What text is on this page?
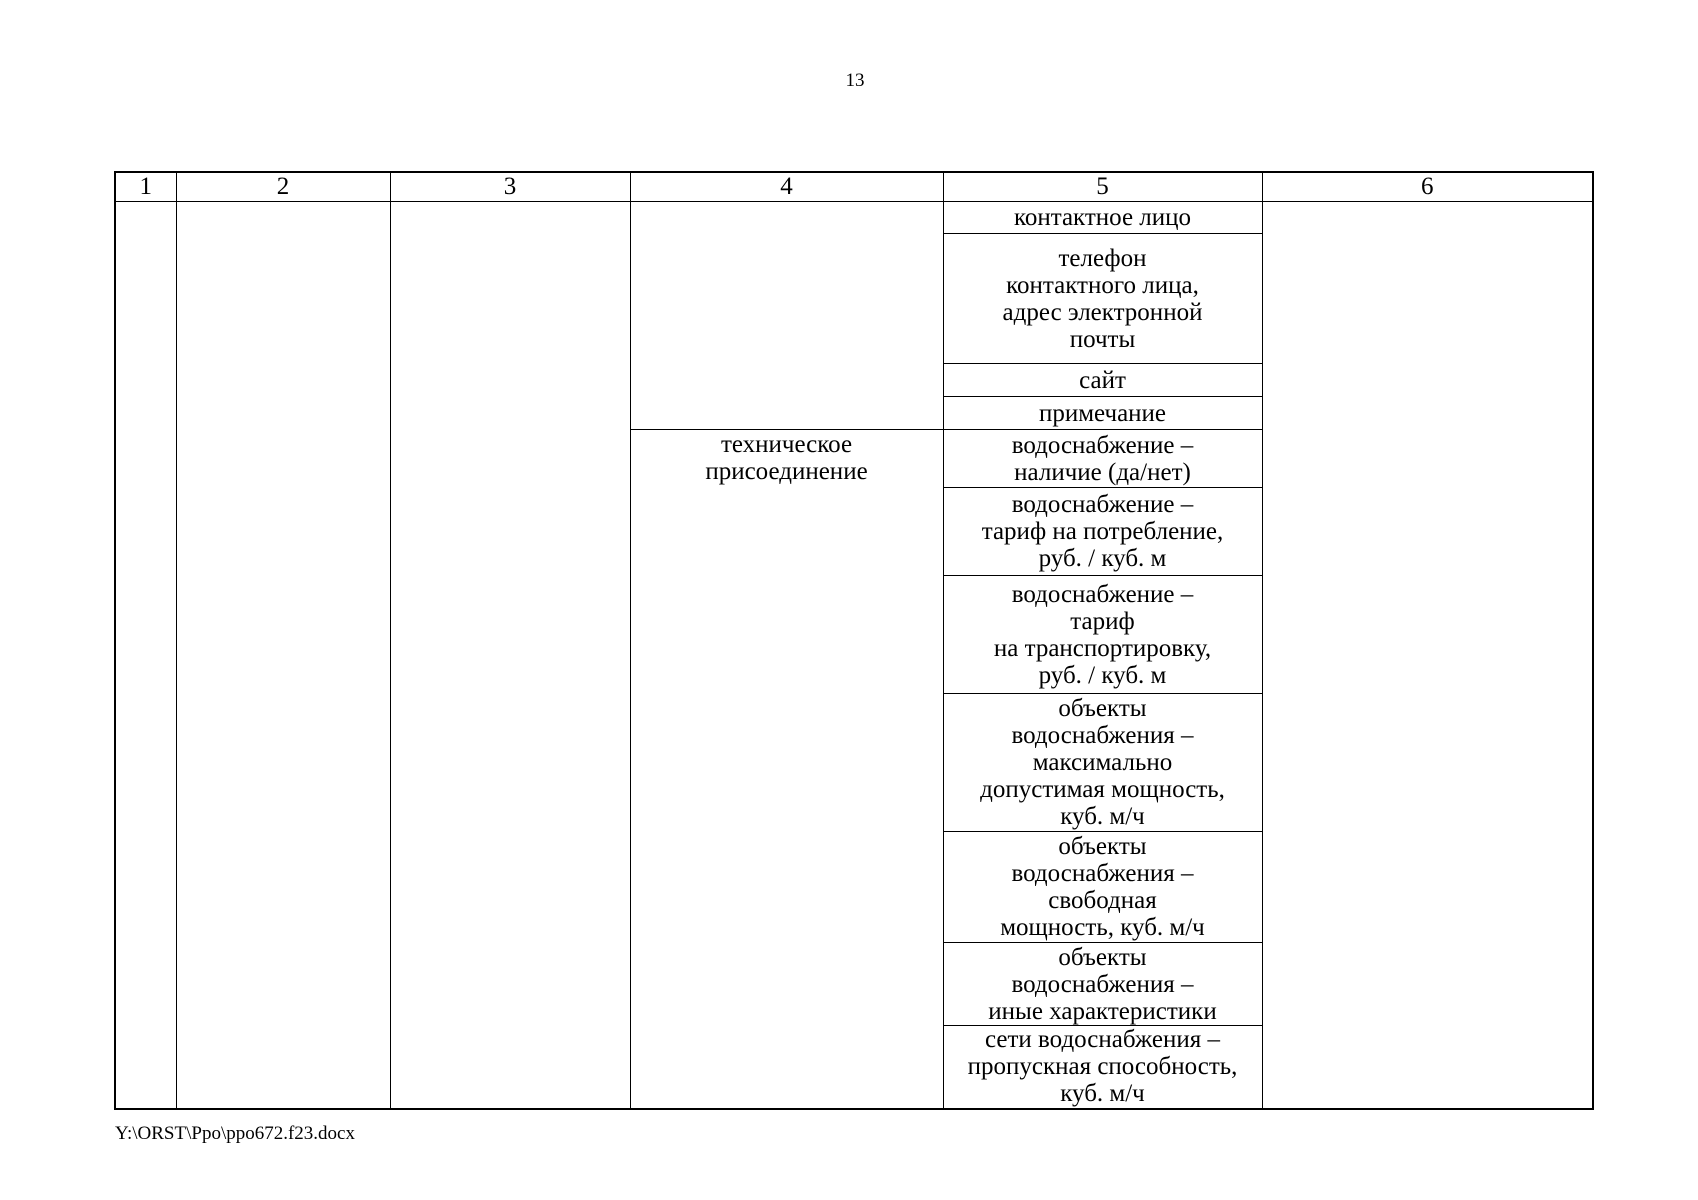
13
1	2	3	4	5	6
				контактное лицо	
				телефон
контактного лица,
адрес электронной
почты	
				сайт	
				примечание	
			техническое
присоединение	водоснабжение –
наличие (да/нет)	
				водоснабжение –
тариф на потребление,
руб. / куб. м	
				водоснабжение –
тариф
на транспортировку,
руб. / куб. м	
				объекты
водоснабжения –
максимально
допустимая мощность,
куб. м/ч	
				объекты
водоснабжения –
свободная
мощность, куб. м/ч	
				объекты
водоснабжения –
иные характеристики	
				сети водоснабжения –
пропускная способность,
куб. м/ч	
Y:\ORST\Ppo\ppo672.f23.docx
